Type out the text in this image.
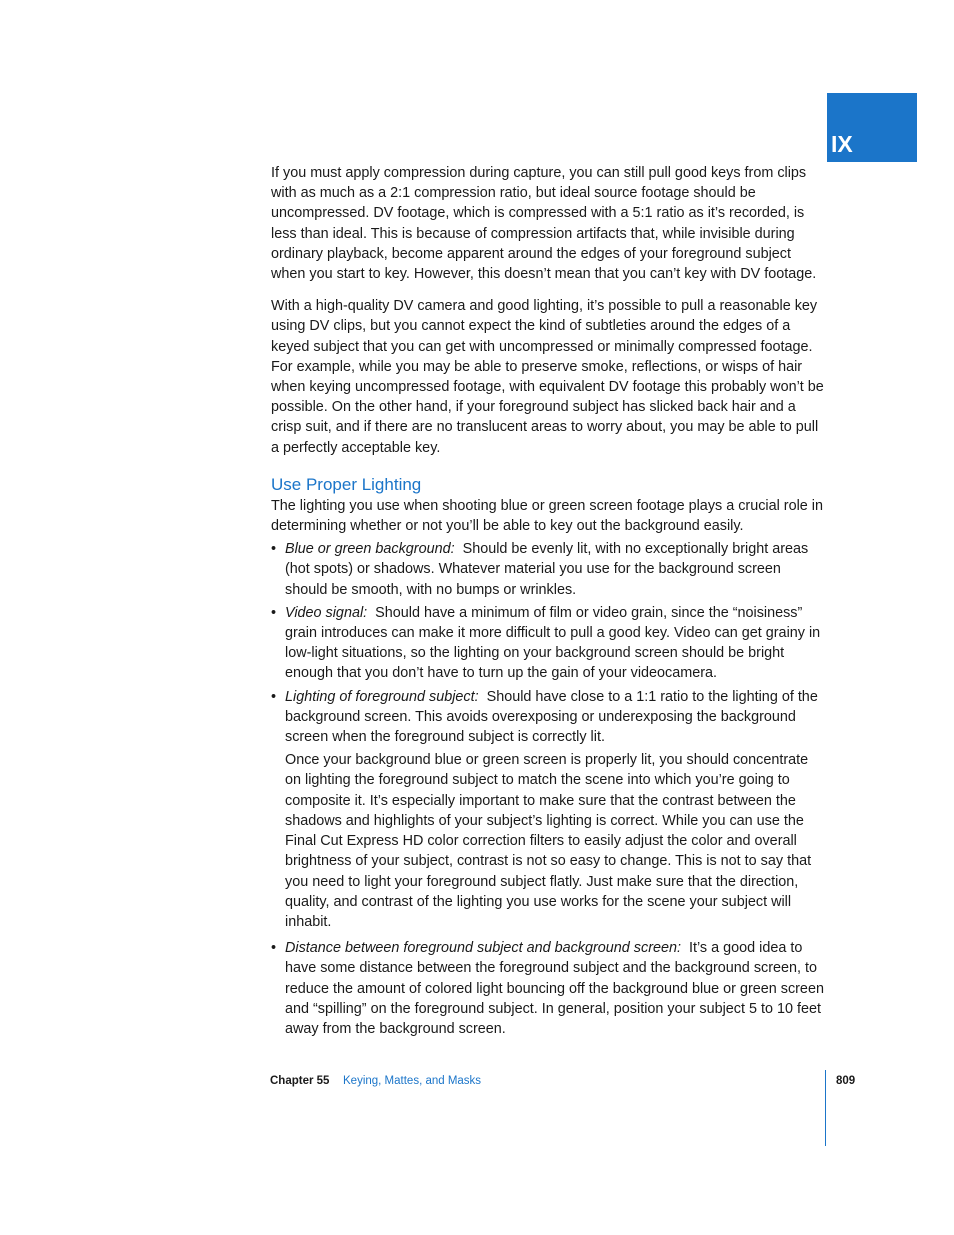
IX

If you must apply compression during capture, you can still pull good keys from clips with as much as a 2:1 compression ratio, but ideal source footage should be uncompressed. DV footage, which is compressed with a 5:1 ratio as it’s recorded, is less than ideal. This is because of compression artifacts that, while invisible during ordinary playback, become apparent around the edges of your foreground subject when you start to key. However, this doesn’t mean that you can’t key with DV footage.

With a high-quality DV camera and good lighting, it’s possible to pull a reasonable key using DV clips, but you cannot expect the kind of subtleties around the edges of a keyed subject that you can get with uncompressed or minimally compressed footage. For example, while you may be able to preserve smoke, reflections, or wisps of hair when keying uncompressed footage, with equivalent DV footage this probably won’t be possible. On the other hand, if your foreground subject has slicked back hair and a crisp suit, and if there are no translucent areas to worry about, you may be able to pull a perfectly acceptable key.

Use Proper Lighting

The lighting you use when shooting blue or green screen footage plays a crucial role in determining whether or not you’ll be able to key out the background easily.

• Blue or green background: Should be evenly lit, with no exceptionally bright areas (hot spots) or shadows. Whatever material you use for the background screen should be smooth, with no bumps or wrinkles.
• Video signal: Should have a minimum of film or video grain, since the “noisiness” grain introduces can make it more difficult to pull a good key. Video can get grainy in low-light situations, so the lighting on your background screen should be bright enough that you don’t have to turn up the gain of your videocamera.
• Lighting of foreground subject: Should have close to a 1:1 ratio to the lighting of the background screen. This avoids overexposing or underexposing the background screen when the foreground subject is correctly lit.

Once your background blue or green screen is properly lit, you should concentrate on lighting the foreground subject to match the scene into which you’re going to composite it. It’s especially important to make sure that the contrast between the shadows and highlights of your subject’s lighting is correct. While you can use the Final Cut Express HD color correction filters to easily adjust the color and overall brightness of your subject, contrast is not so easy to change. This is not to say that you need to light your foreground subject flatly. Just make sure that the direction, quality, and contrast of the lighting you use works for the scene your subject will inhabit.

• Distance between foreground subject and background screen: It’s a good idea to have some distance between the foreground subject and the background screen, to reduce the amount of colored light bouncing off the background blue or green screen and “spilling” on the foreground subject. In general, position your subject 5 to 10 feet away from the background screen.
Chapter 55 Keying, Mattes, and Masks	809
